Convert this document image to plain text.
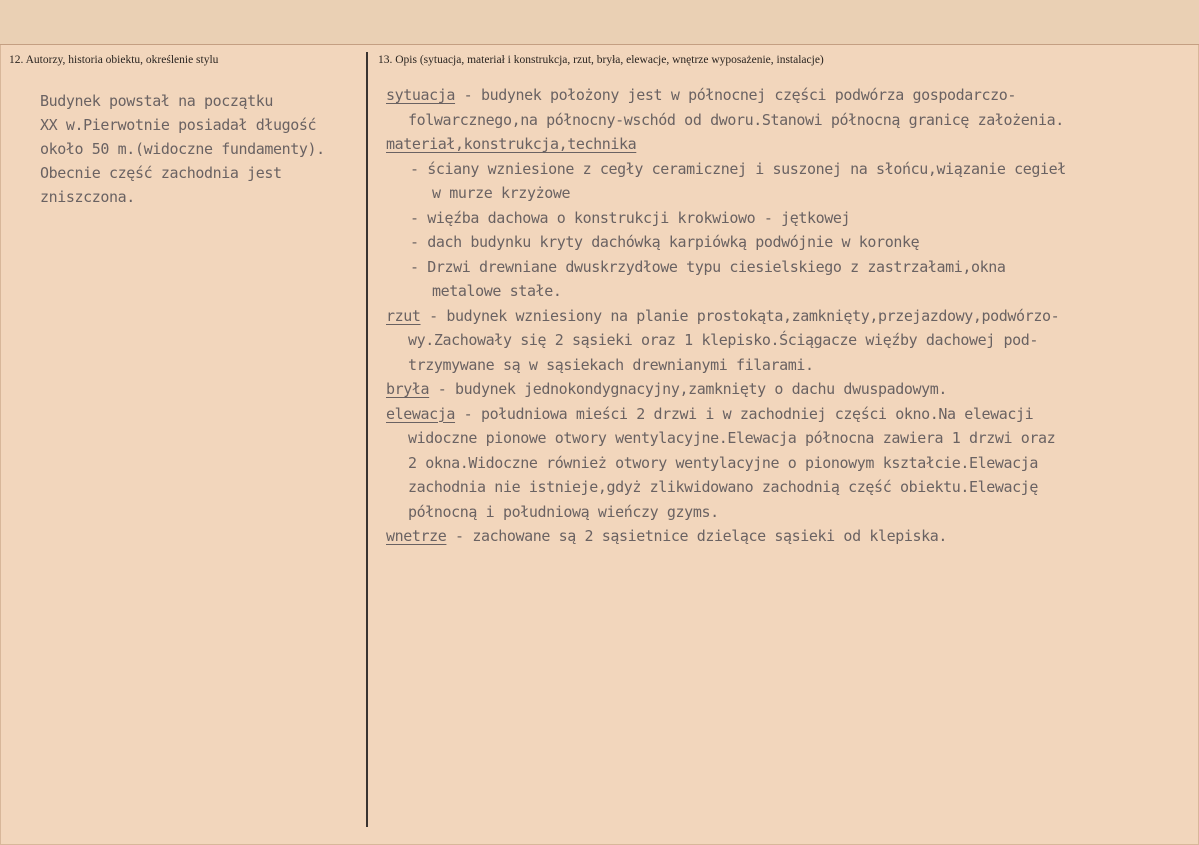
12. Autorzy, historia obiektu, określenie stylu	13. Opis (sytuacja, materiał i konstrukcja, rzut, bryła, elewacje, wnętrze wyposażenie, instalacje)
Budynek powstał na początku
XX w.Pierwotnie posiadał długość
około 50 m.(widoczne fundamenty).
Obecnie część zachodnia jest
zniszczona.
sytuacja - budynek położony jest w północnej części podwórza gospodarczo-
folwarcznego,na północny-wschód od dworu.Stanowi północną granicę założenia.
materiał,konstrukcja,technika
- ściany wzniesione z cegły ceramicznej i suszonej na słońcu,wiązanie cegieł
w murze krzyżowe
- więźba dachowa o konstrukcji krokwiowo - jętkowej
- dach budynku kryty dachówką karpiówką podwójnie w koronkę
- Drzwi drewniane dwuskrzydłowe typu ciesielskiego z zastrzałami,okna
metalowe stałe.
rzut - budynek wzniesiony na planie prostokąta,zamknięty,przejazdowy,podwórzo-
wy.Zachowały się 2 sąsieki oraz 1 klepisko.Ściągacze więźby dachowej pod-
trzymywane są w sąsiekach drewnianymi filarami.
bryła - budynek jednokondygnacyjny,zamknięty o dachu dwuspadowym.
elewacja - południowa mieści 2 drzwi i w zachodniej części okno.Na elewacji
widoczne pionowe otwory wentylacyjne.Elewacja północna zawiera 1 drzwi oraz
2 okna.Widoczne również otwory wentylacyjne o pionowym kształcie.Elewacja
zachodnia nie istnieje,gdyż zlikwidowano zachodnią część obiektu.Elewację
północną i południową wieńczy gzyms.
wnetrze - zachowane są 2 sąsietnice dzielące sąsieki od klepiska.
